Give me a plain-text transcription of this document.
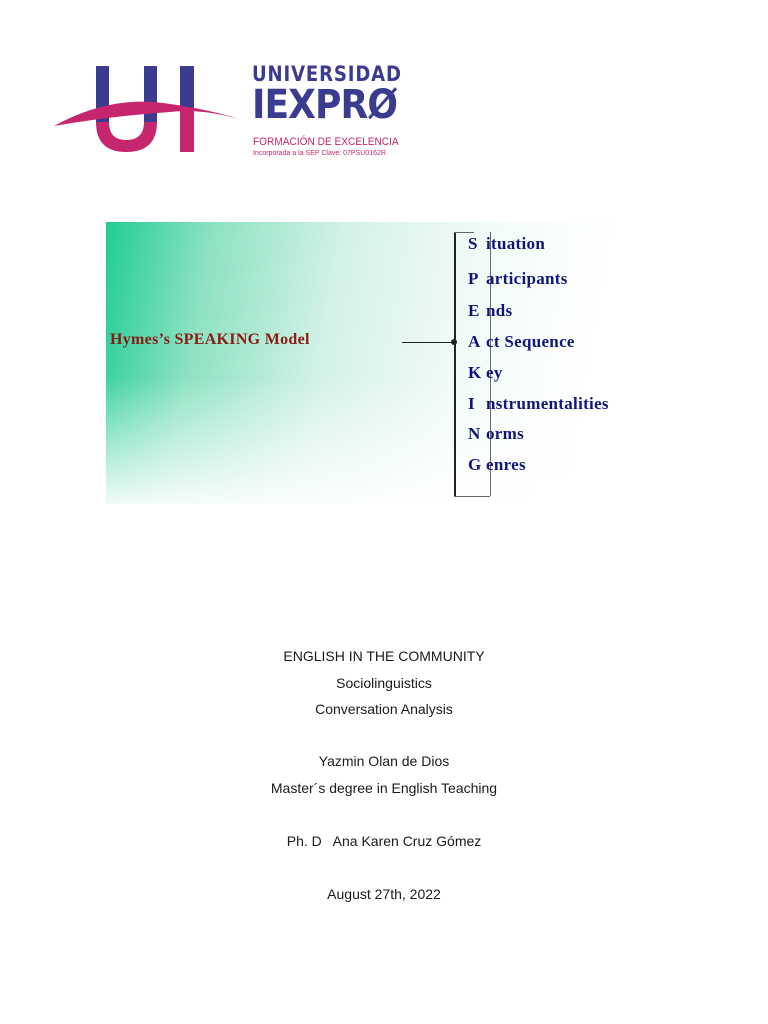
UNIVERSIDAD
IEXPRØ
FORMACIÓN DE EXCELENCIA
Incorporada a la SEP Clave: 07PSU0162R
Hymes’s SPEAKING Model
S ituation
P articipants
E nds
A ct Sequence
K ey
I nstrumentalities
N orms
G enres
ENGLISH IN THE COMMUNITY
Sociolinguistics
Conversation Analysis
Yazmin Olan de Dios
Master´s degree in English Teaching
Ph. D   Ana Karen Cruz Gómez
August 27th, 2022
